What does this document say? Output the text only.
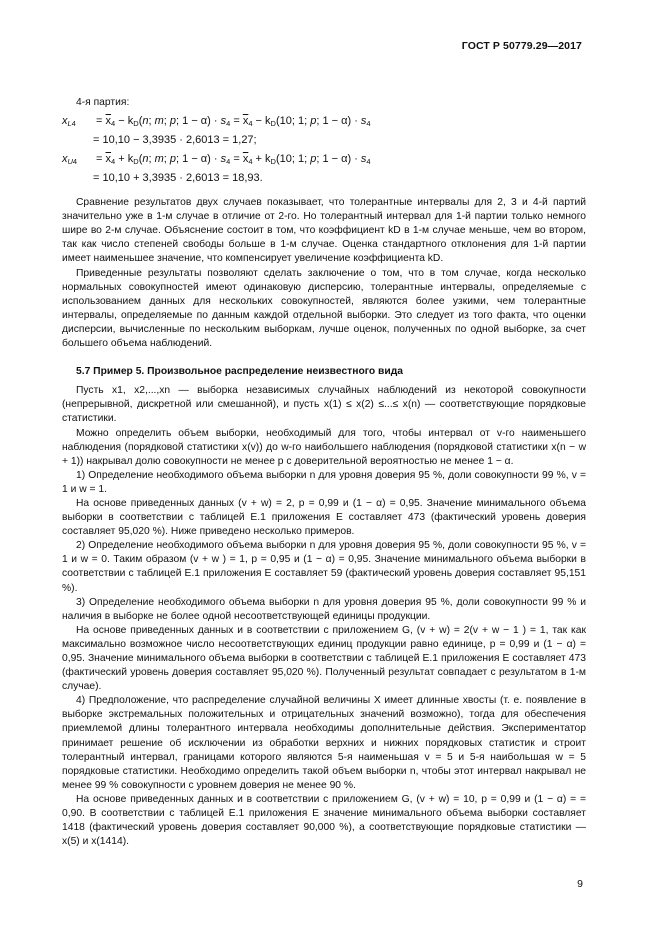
ГОСТ Р 50779.29—2017

4-я партия:

$x_{L4} = \overline{x}_4 - k_D(n$; m; p; $1 - \alpha) \cdot s_4 = \overline{x}_4 - k_D(10$; 1; p; $1 - \alpha) \cdot s_4$
= 10,10 − 3,3935 · 2,6013 = 1,27;
$x_{U4} = \overline{x}_4 + k_D(n$; m; p; $1 - \alpha) \cdot s_4 = \overline{x}_4 + k_D(10$; 1; p; $1 - \alpha) \cdot s_4$
= 10,10 + 3,3935 · 2,6013 = 18,93.

Сравнение результатов двух случаев показывает, что толерантные интервалы для 2, 3 и 4-й партий значительно уже в 1-м случае в отличие от 2-го. Но толерантный интервал для 1-й партии только немного шире во 2-м случае. Объяснение состоит в том, что коэффициент kD в 1-м случае меньше, чем во втором, так как число степеней свободы больше в 1-м случае. Оценка стандартного отклонения для 1-й партии имеет наименьшее значение, что компенсирует увеличение коэффициента kD.

Приведенные результаты позволяют сделать заключение о том, что в том случае, когда несколько нормальных совокупностей имеют одинаковую дисперсию, толерантные интервалы, определяемые с использованием данных для нескольких совокупностей, являются более узкими, чем толерантные интервалы, определяемые по данным каждой отдельной выборки. Это следует из того факта, что оценки дисперсии, вычисленные по нескольким выборкам, лучше оценок, полученных по одной выборке, за счет большего объема наблюдений.

5.7 Пример 5. Произвольное распределение неизвестного вида

Пусть x1, x2,...,xn — выборка независимых случайных наблюдений из некоторой совокупности (непрерывной, дискретной или смешанной), и пусть x(1) ≤ x(2) ≤...≤ x(n) — соответствующие порядковые статистики.

Можно определить объем выборки, необходимый для того, чтобы интервал от v-го наименьшего наблюдения (порядковой статистики x(v)) до w-го наибольшего наблюдения (порядковой статистики x(n − w + 1)) накрывал долю совокупности не менее p с доверительной вероятностью не менее 1 − α.

1) Определение необходимого объема выборки n для уровня доверия 95 %, доли совокупности 99 %, v = 1 и w = 1.

На основе приведенных данных (v + w) = 2, p = 0,99 и (1 − α) = 0,95. Значение минимального объема выборки в соответствии с таблицей Е.1 приложения Е составляет 473 (фактический уровень доверия составляет 95,020 %). Ниже приведено несколько примеров.

2) Определение необходимого объема выборки n для уровня доверия 95 %, доли совокупности 95 %, v = 1 и w = 0. Таким образом (v + w ) = 1, p = 0,95 и (1 − α) = 0,95. Значение минимального объема выборки в соответствии с таблицей Е.1 приложения Е составляет 59 (фактический уровень доверия составляет 95,151 %).

3) Определение необходимого объема выборки n для уровня доверия 95 %, доли совокупности 99 % и наличия в выборке не более одной несоответствующей единицы продукции.

На основе приведенных данных и в соответствии с приложением G, (v + w) = 2(v + w − 1 ) = 1, так как максимально возможное число несоответствующих единиц продукции равно единице, p = 0,99 и (1 − α) = 0,95. Значение минимального объема выборки в соответствии с таблицей Е.1 приложения Е составляет 473 (фактический уровень доверия составляет 95,020 %). Полученный результат совпадает с результатом в 1-м случае).

4) Предположение, что распределение случайной величины X имеет длинные хвосты (т. е. появление в выборке экстремальных положительных и отрицательных значений возможно), тогда для обеспечения приемлемой длины толерантного интервала необходимы дополнительные действия. Экспериментатор принимает решение об исключении из обработки верхних и нижних порядковых статистик и строит толерантный интервал, границами которого являются 5-я наименьшая v = 5 и 5-я наибольшая w = 5 порядковые статистики. Необходимо определить такой объем выборки n, чтобы этот интервал накрывал не менее 99 % совокупности с уровнем доверия не менее 90 %.

На основе приведенных данных и в соответствии с приложением G, (v + w) = 10, p = 0,99 и (1 − α) = = 0,90. В соответствии с таблицей Е.1 приложения Е значение минимального объема выборки составляет 1418 (фактический уровень доверия составляет 90,000 %), а соответствующие порядковые статистики — x(5) и x(1414).

9
